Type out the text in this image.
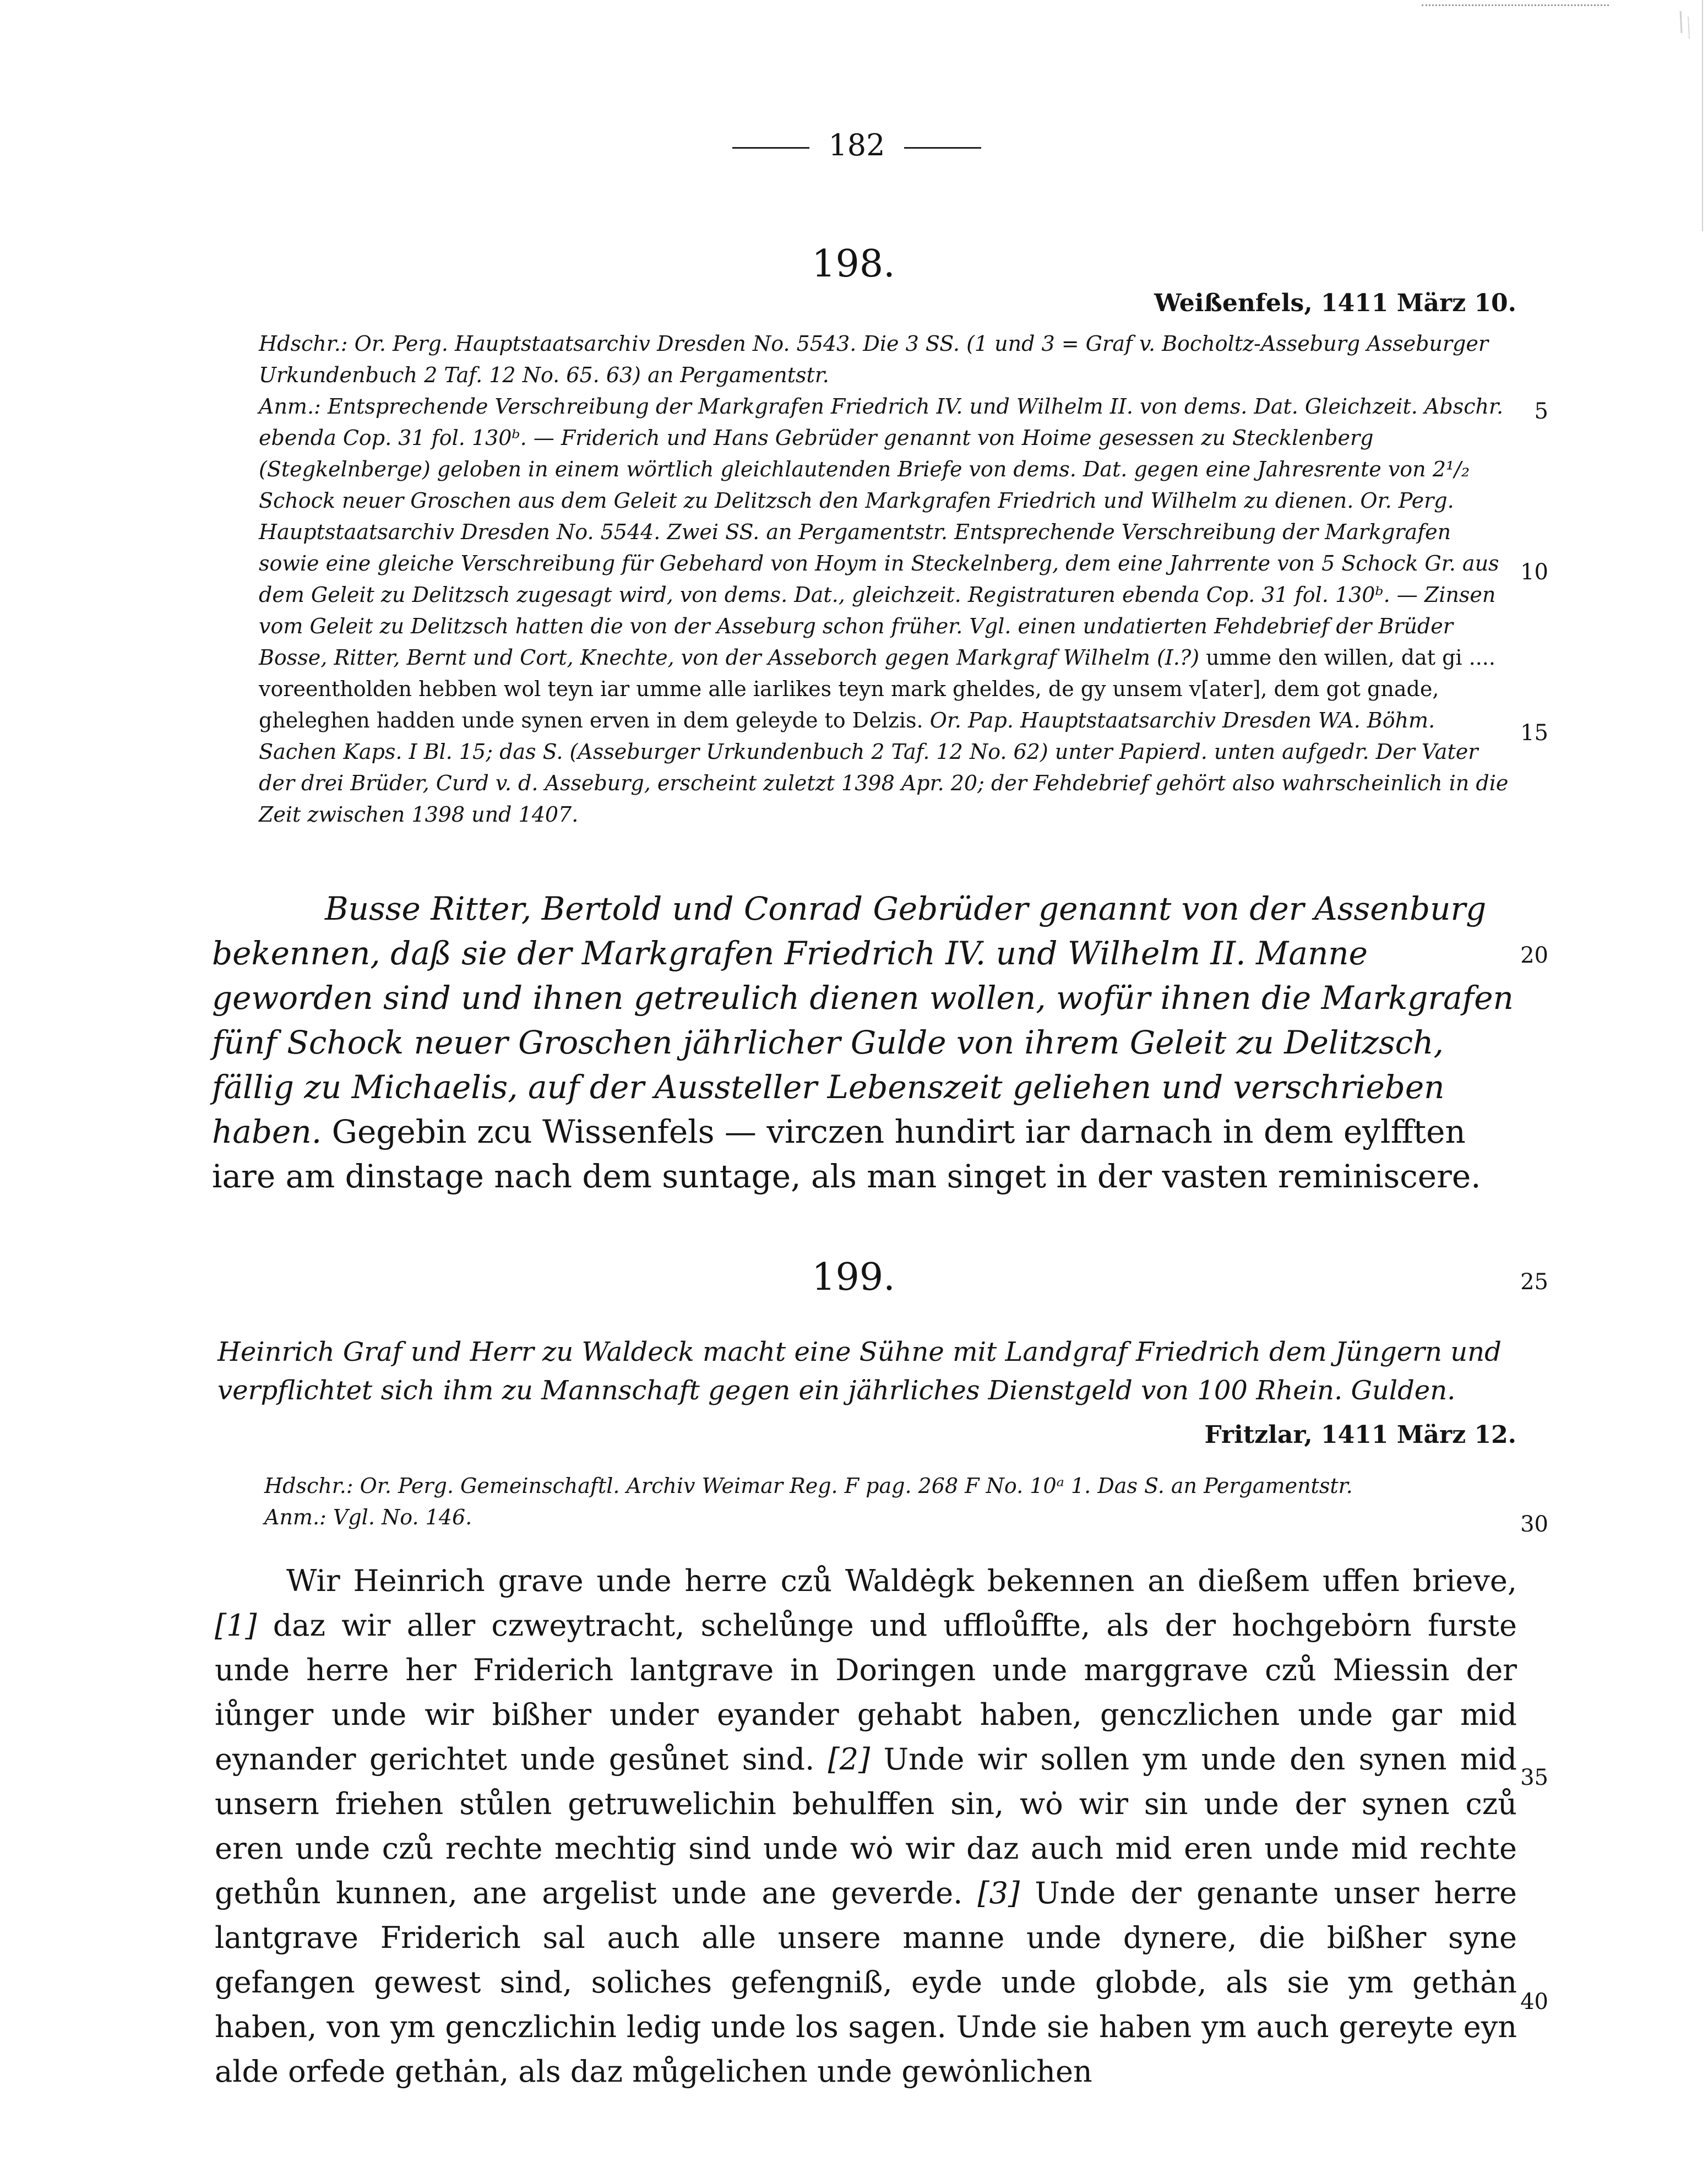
182
198.
Weißenfels, 1411 März 10.
Hdschr.: Or. Perg. Hauptstaatsarchiv Dresden No. 5543. Die 3 SS. (1 und 3 = Graf v. Bocholtz-Asseburg Asseburger Urkundenbuch 2 Taf. 12 No. 65. 63) an Pergamentstr.
Anm.: Entsprechende Verschreibung der Markgrafen Friedrich IV. und Wilhelm II. von dems. Dat. Gleichzeit. Abschr. ebenda Cop. 31 fol. 130ᵇ. — Friderich und Hans Gebrüder genannt von Hoime gesessen zu Stecklenberg (Stegkelnberge) geloben in einem wörtlich gleichlautenden Briefe von dems. Dat. gegen eine Jahresrente von 2¹/₂ Schock neuer Groschen aus dem Geleit zu Delitzsch den Markgrafen Friedrich und Wilhelm zu dienen. Or. Perg. Hauptstaatsarchiv Dresden No. 5544. Zwei SS. an Pergamentstr. Entsprechende Verschreibung der Markgrafen sowie eine gleiche Verschreibung für Gebehard von Hoym in Steckelnberg, dem eine Jahrrente von 5 Schock Gr. aus dem Geleit zu Delitzsch zugesagt wird, von dems. Dat., gleichzeit. Registraturen ebenda Cop. 31 fol. 130ᵇ. — Zinsen vom Geleit zu Delitzsch hatten die von der Asseburg schon früher. Vgl. einen undatierten Fehdebrief der Brüder Bosse, Ritter, Bernt und Cort, Knechte, von der Asseborch gegen Markgraf Wilhelm (I.?) umme den willen, dat gi .... voreentholden hebben wol teyn iar umme alle iarlikes teyn mark gheldes, de gy unsem v[ater], dem got gnade, gheleghen hadden unde synen erven in dem geleyde to Delzis. Or. Pap. Hauptstaatsarchiv Dresden WA. Böhm. Sachen Kaps. I Bl. 15; das S. (Asseburger Urkundenbuch 2 Taf. 12 No. 62) unter Papierd. unten aufgedr. Der Vater der drei Brüder, Curd v. d. Asseburg, erscheint zuletzt 1398 Apr. 20; der Fehdebrief gehört also wahrscheinlich in die Zeit zwischen 1398 und 1407.
Busse Ritter, Bertold und Conrad Gebrüder genannt von der Assenburg bekennen, daß sie der Markgrafen Friedrich IV. und Wilhelm II. Manne geworden sind und ihnen getreulich dienen wollen, wofür ihnen die Markgrafen fünf Schock neuer Groschen jährlicher Gulde von ihrem Geleit zu Delitzsch, fällig zu Michaelis, auf der Aussteller Lebenszeit geliehen und verschrieben haben. Gegebin zcu Wissenfels — virczen hundirt iar darnach in dem eylfften iare am dinstage nach dem suntage, als man singet in der vasten reminiscere.
199.
Heinrich Graf und Herr zu Waldeck macht eine Sühne mit Landgraf Friedrich dem Jüngern und verpflichtet sich ihm zu Mannschaft gegen ein jährliches Dienstgeld von 100 Rhein. Gulden.
Fritzlar, 1411 März 12.
Hdschr.: Or. Perg. Gemeinschaftl. Archiv Weimar Reg. F pag. 268 F No. 10ᵃ 1. Das S. an Pergamentstr.
Anm.: Vgl. No. 146.
Wir Heinrich grave unde herre czů Waldėgk bekennen an dießem uffen brieve, [1] daz wir aller czweytracht, schelůnge und uffloůffte, als der hochgebȯrn furste unde herre her Friderich lantgrave in Doringen unde marggrave czů Miessin der iůnger unde wir bißher under eyander gehabt haben, genczlichen unde gar mid eynander gerichtet unde gesůnet sind. [2] Unde wir sollen ym unde den synen mid unsern friehen stůlen getruwelichin behulffen sin, wȯ wir sin unde der synen czů eren unde czů rechte mechtig sind unde wȯ wir daz auch mid eren unde mid rechte gethůn kunnen, ane argelist unde ane geverde. [3] Unde der genante unser herre lantgrave Friderich sal auch alle unsere manne unde dynere, die bißher syne gefangen gewest sind, soliches gefengniß, eyde unde globde, als sie ym gethȧn haben, von ym genczlichin ledig unde los sagen. Unde sie haben ym auch gereyte eyn alde orfede gethȧn, als daz můgelichen unde gewȯnlichen
5
10
15
20
25
30
35
40
